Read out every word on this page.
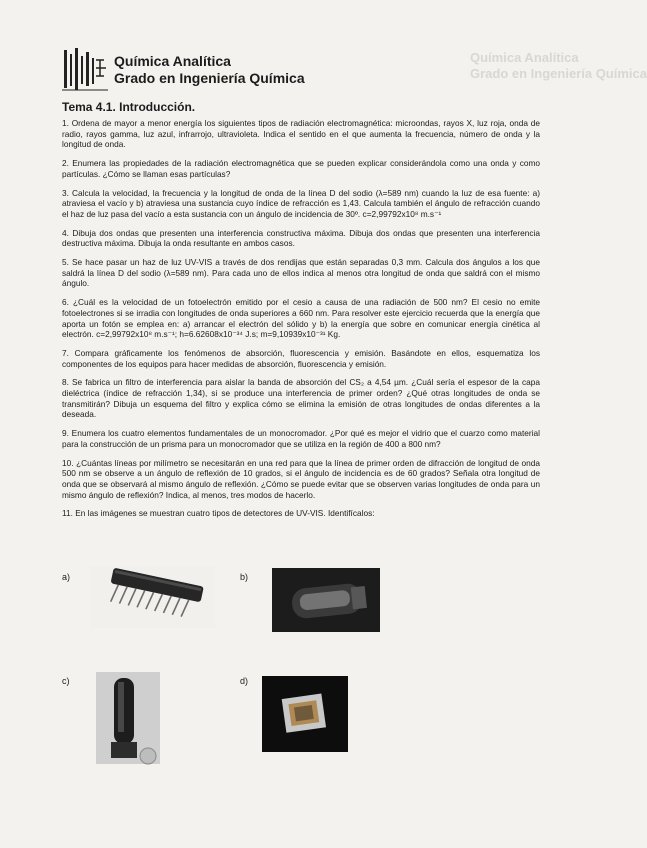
Química Analítica
Grado en Ingeniería Química
Química Analítica
Grado en Ingeniería Química
Tema 4.1. Introducción.

1. Ordena de mayor a menor energía los siguientes tipos de radiación electromagnética: microondas, rayos X, luz roja, onda de radio, rayos gamma, luz azul, infrarrojo, ultravioleta. Indica el sentido en el que aumenta la frecuencia, número de onda y la longitud de onda.

2. Enumera las propiedades de la radiación electromagnética que se pueden explicar considerándola como una onda y como partículas. ¿Cómo se llaman esas partículas?

3. Calcula la velocidad, la frecuencia y la longitud de onda de la línea D del sodio (λ=589 nm) cuando la luz de esa fuente: a) atraviesa el vacío y b) atraviesa una sustancia cuyo índice de refracción es 1,43. Calcula también el ángulo de refracción cuando el haz de luz pasa del vacío a esta sustancia con un ángulo de incidencia de 30º. c=2,99792x10⁸ m.s⁻¹

4. Dibuja dos ondas que presenten una interferencia constructiva máxima. Dibuja dos ondas que presenten una interferencia destructiva máxima. Dibuja la onda resultante en ambos casos.

5. Se hace pasar un haz de luz UV-VIS a través de dos rendijas que están separadas 0,3 mm. Calcula dos ángulos a los que saldrá la línea D del sodio (λ=589 nm). Para cada uno de ellos indica al menos otra longitud de onda que saldrá con el mismo ángulo.

6. ¿Cuál es la velocidad de un fotoelectrón emitido por el cesio a causa de una radiación de 500 nm? El cesio no emite fotoelectrones si se irradia con longitudes de onda superiores a 660 nm. Para resolver este ejercicio recuerda que la energía que aporta un fotón se emplea en: a) arrancar el electrón del sólido y b) la energía que sobre en comunicar energía cinética al electrón. c=2,99792x10⁸ m.s⁻¹; h=6.62608x10⁻³⁴ J.s; m=9,10939x10⁻³¹ Kg.

7. Compara gráficamente los fenómenos de absorción, fluorescencia y emisión. Basándote en ellos, esquematiza los componentes de los equipos para hacer medidas de absorción, fluorescencia y emisión.

8. Se fabrica un filtro de interferencia para aislar la banda de absorción del CS₂ a 4,54 µm. ¿Cuál sería el espesor de la capa dieléctrica (índice de refracción 1,34), si se produce una interferencia de primer orden? ¿Qué otras longitudes de onda se transmitirán? Dibuja un esquema del filtro y explica cómo se elimina la emisión de otras longitudes de ondas diferentes a la deseada.

9. Enumera los cuatro elementos fundamentales de un monocromador. ¿Por qué es mejor el vidrio que el cuarzo como material para la construcción de un prisma para un monocromador que se utiliza en la región de 400 a 800 nm?

10. ¿Cuántas líneas por milímetro se necesitarán en una red para que la línea de primer orden de difracción de longitud de onda 500 nm se observe a un ángulo de reflexión de 10 grados, si el ángulo de incidencia es de 60 grados? Señala otra longitud de onda que se observará al mismo ángulo de reflexión. ¿Cómo se puede evitar que se observen varias longitudes de onda para un mismo ángulo de reflexión? Indica, al menos, tres modos de hacerlo.

11. En las imágenes se muestran cuatro tipos de detectores de UV-VIS. Identifícalos:

a)	b)
c)	d)
